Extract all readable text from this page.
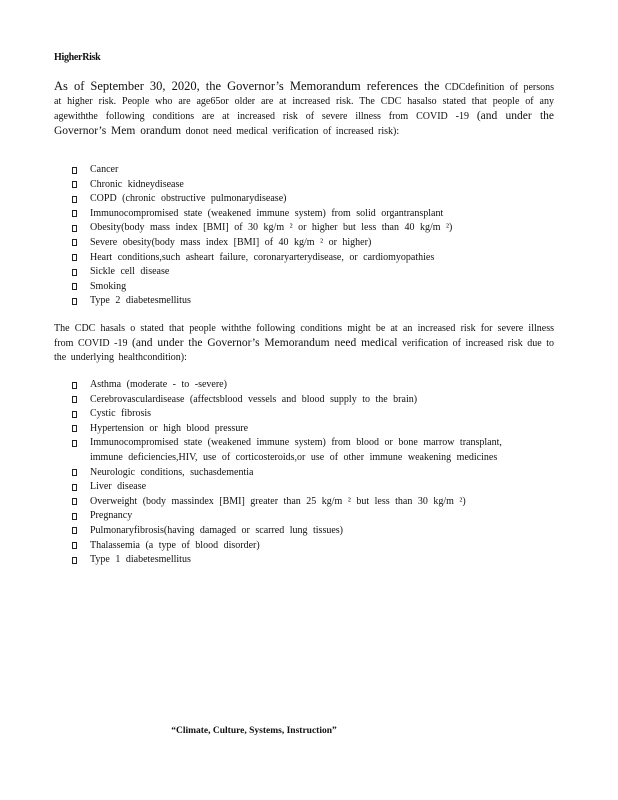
HigherRisk

As of September 30, 2020, the Governor’s Memorandum references the CDCdefinition of persons at higher risk. People who are age65or older are at increased risk. The CDC hasalso stated that people of any agewiththe following conditions are at increased risk of severe illness from COVID -19 (and under the Governor’s Mem orandum donot need medical verification of increased risk):

Cancer
Chronic kidneydisease
COPD (chronic obstructive pulmonarydisease)
Immunocompromised state (weakened immune system) from solid organtransplant
Obesity(body mass index [BMI] of 30 kg/m ² or higher but less than 40 kg/m ²)
Severe obesity(body mass index [BMI] of 40 kg/m ² or higher)
Heart conditions,such asheart failure, coronaryarterydisease, or cardiomyopathies
Sickle cell disease
Smoking
Type 2 diabetesmellitus

The CDC hasals o stated that people withthe following conditions might be at an increased risk for severe illness from COVID -19 (and under the Governor’s Memorandum need medical verification of increased risk due to the underlying healthcondition):

Asthma (moderate - to -severe)
Cerebrovasculardisease (affectsblood vessels and blood supply to the brain)
Cystic fibrosis
Hypertension or high blood pressure
Immunocompromised state (weakened immune system) from blood or bone marrow transplant, immune deficiencies,HIV, use of corticosteroids,or use of other immune weakening medicines
Neurologic conditions, suchasdementia
Liver disease
Overweight (body massindex [BMI] greater than 25 kg/m ² but less than 30 kg/m ²)
Pregnancy
Pulmonaryfibrosis(having damaged or scarred lung tissues)
Thalassemia (a type of blood disorder)
Type 1 diabetesmellitus
“Climate, Culture, Systems, Instruction”
